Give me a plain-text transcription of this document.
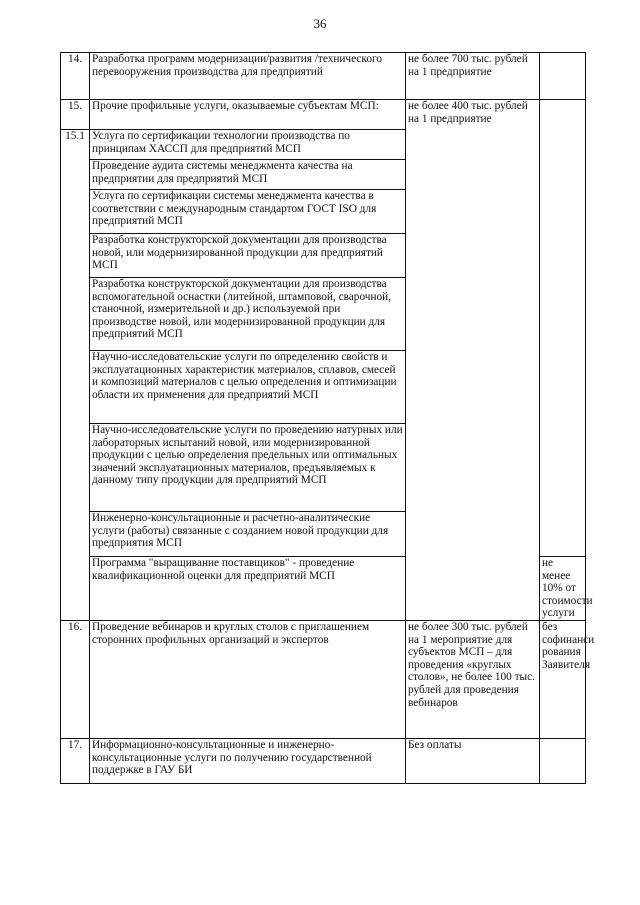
36
14.	Разработка программ модернизации/развития /технического перевооружения производства для предприятий	не более 700 тыс. рублей на 1 предприятие	
15.	Прочие профильные услуги, оказываемые субъектам МСП:	не более 400 тыс. рублей на 1 предприятие	
15.1	Услуга по сертификации технологии производства по принципам ХАССП для предприятий МСП		
	Проведение аудита системы менеджмента качества на предприятии для предприятий МСП		
	Услуга по сертификации системы менеджмента качества в соответствии с международным стандартом ГОСТ ISO для предприятий МСП		
	Разработка конструкторской документации для производства новой, или модернизированной продукции для предприятий МСП		
	Разработка конструкторской документации для производства вспомогательной оснастки (литейной, штамповой, сварочной, станочной, измерительной и др.) используемой при производстве новой, или модернизированной продукции для предприятий МСП		
	Научно-исследовательские услуги по определению свойств и эксплуатационных характеристик материалов, сплавов, смесей и композиций материалов с целью определения и оптимизации области их применения для предприятий МСП		
	Научно-исследовательские услуги по проведению натурных или лабораторных испытаний новой, или модернизированной продукции с целью определения предельных или оптимальных значений эксплуатационных материалов, предъявляемых к данному типу продукции для предприятий МСП		
	Инженерно-консультационные и расчетно-аналитические услуги (работы) связанные с созданием новой продукции для предприятия МСП		
	Программа "выращивание поставщиков" - проведение квалификационной оценки для предприятий МСП		не менее 10% от стоимости услуги
16.	Проведение вебинаров и круглых столов с приглашением сторонних профильных организаций и экспертов	не более 300 тыс. рублей на 1 мероприятие для субъектов МСП – для проведения «круглых столов», не более 100 тыс. рублей для проведения вебинаров	без софинанси рования Заявителя
17.	Информационно-консультационные и инженерно-консультационные услуги по получению государственной поддержке в ГАУ БИ	Без оплаты	
